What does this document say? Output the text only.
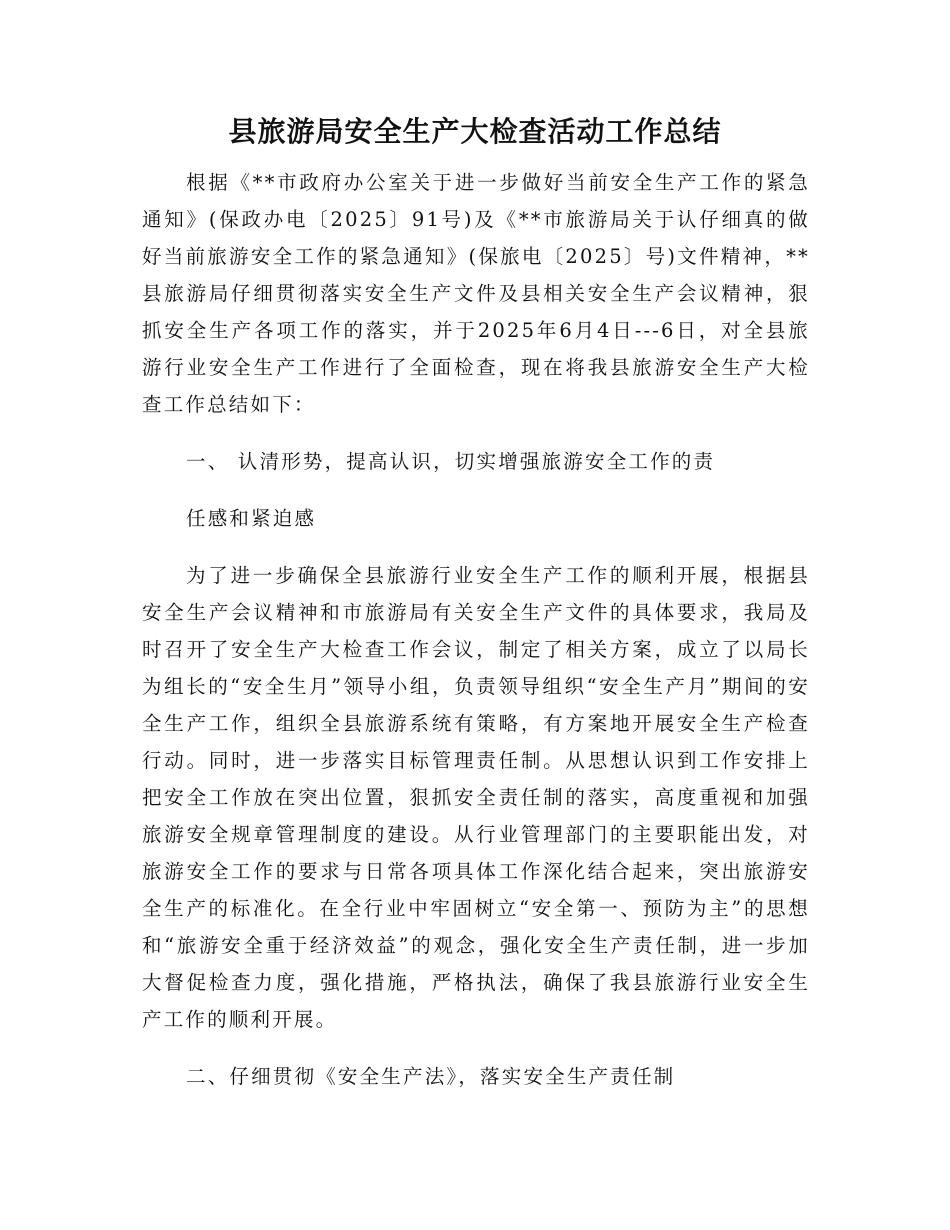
县旅游局安全生产大检查活动工作总结

根据《**市政府办公室关于进一步做好当前安全生产工作的紧急通知》(保政办电〔2025〕91号)及《**市旅游局关于认仔细真的做好当前旅游安全工作的紧急通知》(保旅电〔2025〕号)文件精神，**县旅游局仔细贯彻落实安全生产文件及县相关安全生产会议精神，狠抓安全生产各项工作的落实，并于2025年6月4日---6日，对全县旅游行业安全生产工作进行了全面检查，现在将我县旅游安全生产大检查工作总结如下：

一、 认清形势，提高认识，切实增强旅游安全工作的责

任感和紧迫感

为了进一步确保全县旅游行业安全生产工作的顺利开展，根据县安全生产会议精神和市旅游局有关安全生产文件的具体要求，我局及时召开了安全生产大检查工作会议，制定了相关方案，成立了以局长为组长的“安全生月”领导小组，负责领导组织“安全生产月”期间的安全生产工作，组织全县旅游系统有策略，有方案地开展安全生产检查行动。同时，进一步落实目标管理责任制。从思想认识到工作安排上把安全工作放在突出位置，狠抓安全责任制的落实，高度重视和加强旅游安全规章管理制度的建设。从行业管理部门的主要职能出发，对旅游安全工作的要求与日常各项具体工作深化结合起来，突出旅游安全生产的标准化。在全行业中牢固树立“安全第一、预防为主”的思想和“旅游安全重于经济效益”的观念，强化安全生产责任制，进一步加大督促检查力度，强化措施，严格执法，确保了我县旅游行业安全生产工作的顺利开展。

二、仔细贯彻《安全生产法》，落实安全生产责任制
